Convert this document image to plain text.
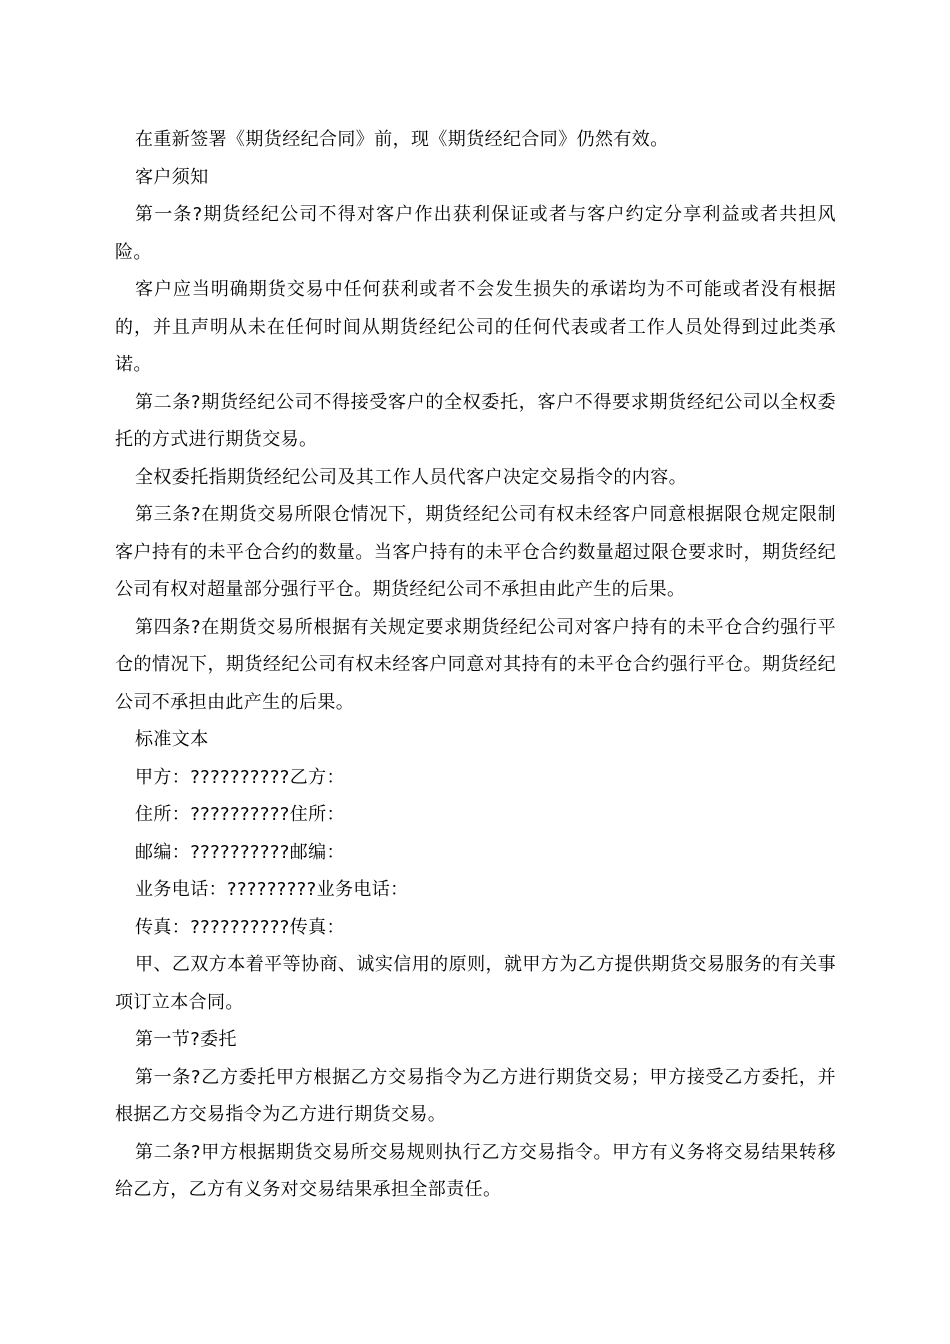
在重新签署《期货经纪合同》前，现《期货经纪合同》仍然有效。

客户须知

第一条?期货经纪公司不得对客户作出获利保证或者与客户约定分享利益或者共担风险。

客户应当明确期货交易中任何获利或者不会发生损失的承诺均为不可能或者没有根据的，并且声明从未在任何时间从期货经纪公司的任何代表或者工作人员处得到过此类承诺。

第二条?期货经纪公司不得接受客户的全权委托，客户不得要求期货经纪公司以全权委托的方式进行期货交易。

全权委托指期货经纪公司及其工作人员代客户决定交易指令的内容。

第三条?在期货交易所限仓情况下，期货经纪公司有权未经客户同意根据限仓规定限制客户持有的未平仓合约的数量。当客户持有的未平仓合约数量超过限仓要求时，期货经纪公司有权对超量部分强行平仓。期货经纪公司不承担由此产生的后果。

第四条?在期货交易所根据有关规定要求期货经纪公司对客户持有的未平仓合约强行平仓的情况下，期货经纪公司有权未经客户同意对其持有的未平仓合约强行平仓。期货经纪公司不承担由此产生的后果。

标准文本

甲方：??????????乙方：

住所：??????????住所：

邮编：??????????邮编：

业务电话：?????????业务电话：

传真：??????????传真：

甲、乙双方本着平等协商、诚实信用的原则，就甲方为乙方提供期货交易服务的有关事项订立本合同。

第一节?委托

第一条?乙方委托甲方根据乙方交易指令为乙方进行期货交易；甲方接受乙方委托，并根据乙方交易指令为乙方进行期货交易。

第二条?甲方根据期货交易所交易规则执行乙方交易指令。甲方有义务将交易结果转移给乙方，乙方有义务对交易结果承担全部责任。
